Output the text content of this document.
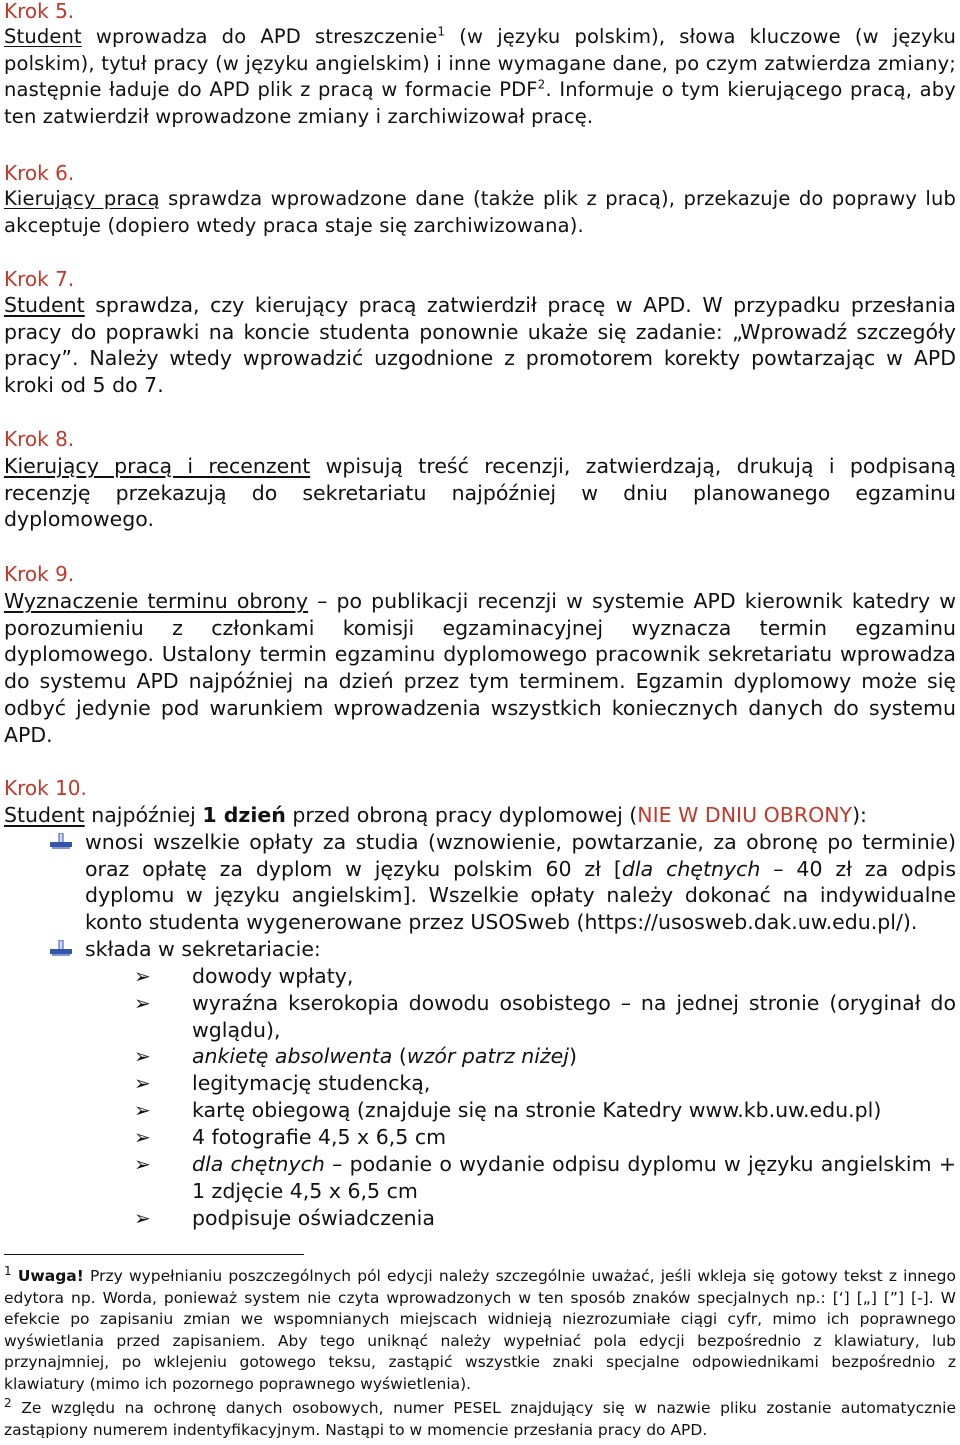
Krok 5.
Student wprowadza do APD streszczenie$^1$ (w języku polskim), słowa kluczowe (w języku polskim), tytuł pracy (w języku angielskim) i inne wymagane dane, po czym zatwierdza zmiany; następnie ładuje do APD plik z pracą w formacie PDF$^2$. Informuje o tym kierującego pracą, aby ten zatwierdził wprowadzone zmiany i zarchiwizował pracę.
Krok 6.
Kierujący pracą sprawdza wprowadzone dane (także plik z pracą), przekazuje do poprawy lub akceptuje (dopiero wtedy praca staje się zarchiwizowana).
Krok 7.
Student sprawdza, czy kierujący pracą zatwierdził pracę w APD. W przypadku przesłania pracy do poprawki na koncie studenta ponownie ukaże się zadanie: „Wprowadź szczegóły pracy”. Należy wtedy wprowadzić uzgodnione z promotorem korekty powtarzając w APD kroki od 5 do 7.
Krok 8.
Kierujący pracą i recenzent wpisują treść recenzji, zatwierdzają, drukują i podpisaną recenzję przekazują do sekretariatu najpóźniej w dniu planowanego egzaminu dyplomowego.
Krok 9.
Wyznaczenie terminu obrony – po publikacji recenzji w systemie APD kierownik katedry w porozumieniu z członkami komisji egzaminacyjnej wyznacza termin egzaminu dyplomowego. Ustalony termin egzaminu dyplomowego pracownik sekretariatu wprowadza do systemu APD najpóźniej na dzień przez tym terminem. Egzamin dyplomowy może się odbyć jedynie pod warunkiem wprowadzenia wszystkich koniecznych danych do systemu APD.
Krok 10.
Student najpóźniej 1 dzień przed obroną pracy dyplomowej (NIE W DNIU OBRONY):
wnosi wszelkie opłaty za studia (wznowienie, powtarzanie, za obronę po terminie) oraz opłatę za dyplom w języku polskim 60 zł [dla chętnych – 40 zł za odpis dyplomu w języku angielskim]. Wszelkie opłaty należy dokonać na indywidualne konto studenta wygenerowane przez USOSweb (https://usosweb.dak.uw.edu.pl/).
składa w sekretariacie:
➢ dowody wpłaty,
➢ wyraźna kserokopia dowodu osobistego – na jednej stronie (oryginał do wglądu),
➢ ankietę absolwenta (wzór patrz niżej)
➢ legitymację studencką,
➢ kartę obiegową (znajduje się na stronie Katedry www.kb.uw.edu.pl)
➢ 4 fotografie 4,5 x 6,5 cm
➢ dla chętnych – podanie o wydanie odpisu dyplomu w języku angielskim + 1 zdjęcie 4,5 x 6,5 cm
➢ podpisuje oświadczenia
$^1$ Uwaga! Przy wypełnianiu poszczególnych pól edycji należy szczególnie uważać, jeśli wkleja się gotowy tekst z innego edytora np. Worda, ponieważ system nie czyta wprowadzonych w ten sposób znaków specjalnych np.: [‘] [„] [”] [-]. W efekcie po zapisaniu zmian we wspomnianych miejscach widnieją niezrozumiałe ciągi cyfr, mimo ich poprawnego wyświetlania przed zapisaniem. Aby tego uniknąć należy wypełniać pola edycji bezpośrednio z klawiatury, lub przynajmniej, po wklejeniu gotowego teksu, zastąpić wszystkie znaki specjalne odpowiednikami bezpośrednio z klawiatury (mimo ich pozornego poprawnego wyświetlenia).
$^2$ Ze względu na ochronę danych osobowych, numer PESEL znajdujący się w nazwie pliku zostanie automatycznie zastąpiony numerem indentyfikacyjnym. Nastąpi to w momencie przesłania pracy do APD.
